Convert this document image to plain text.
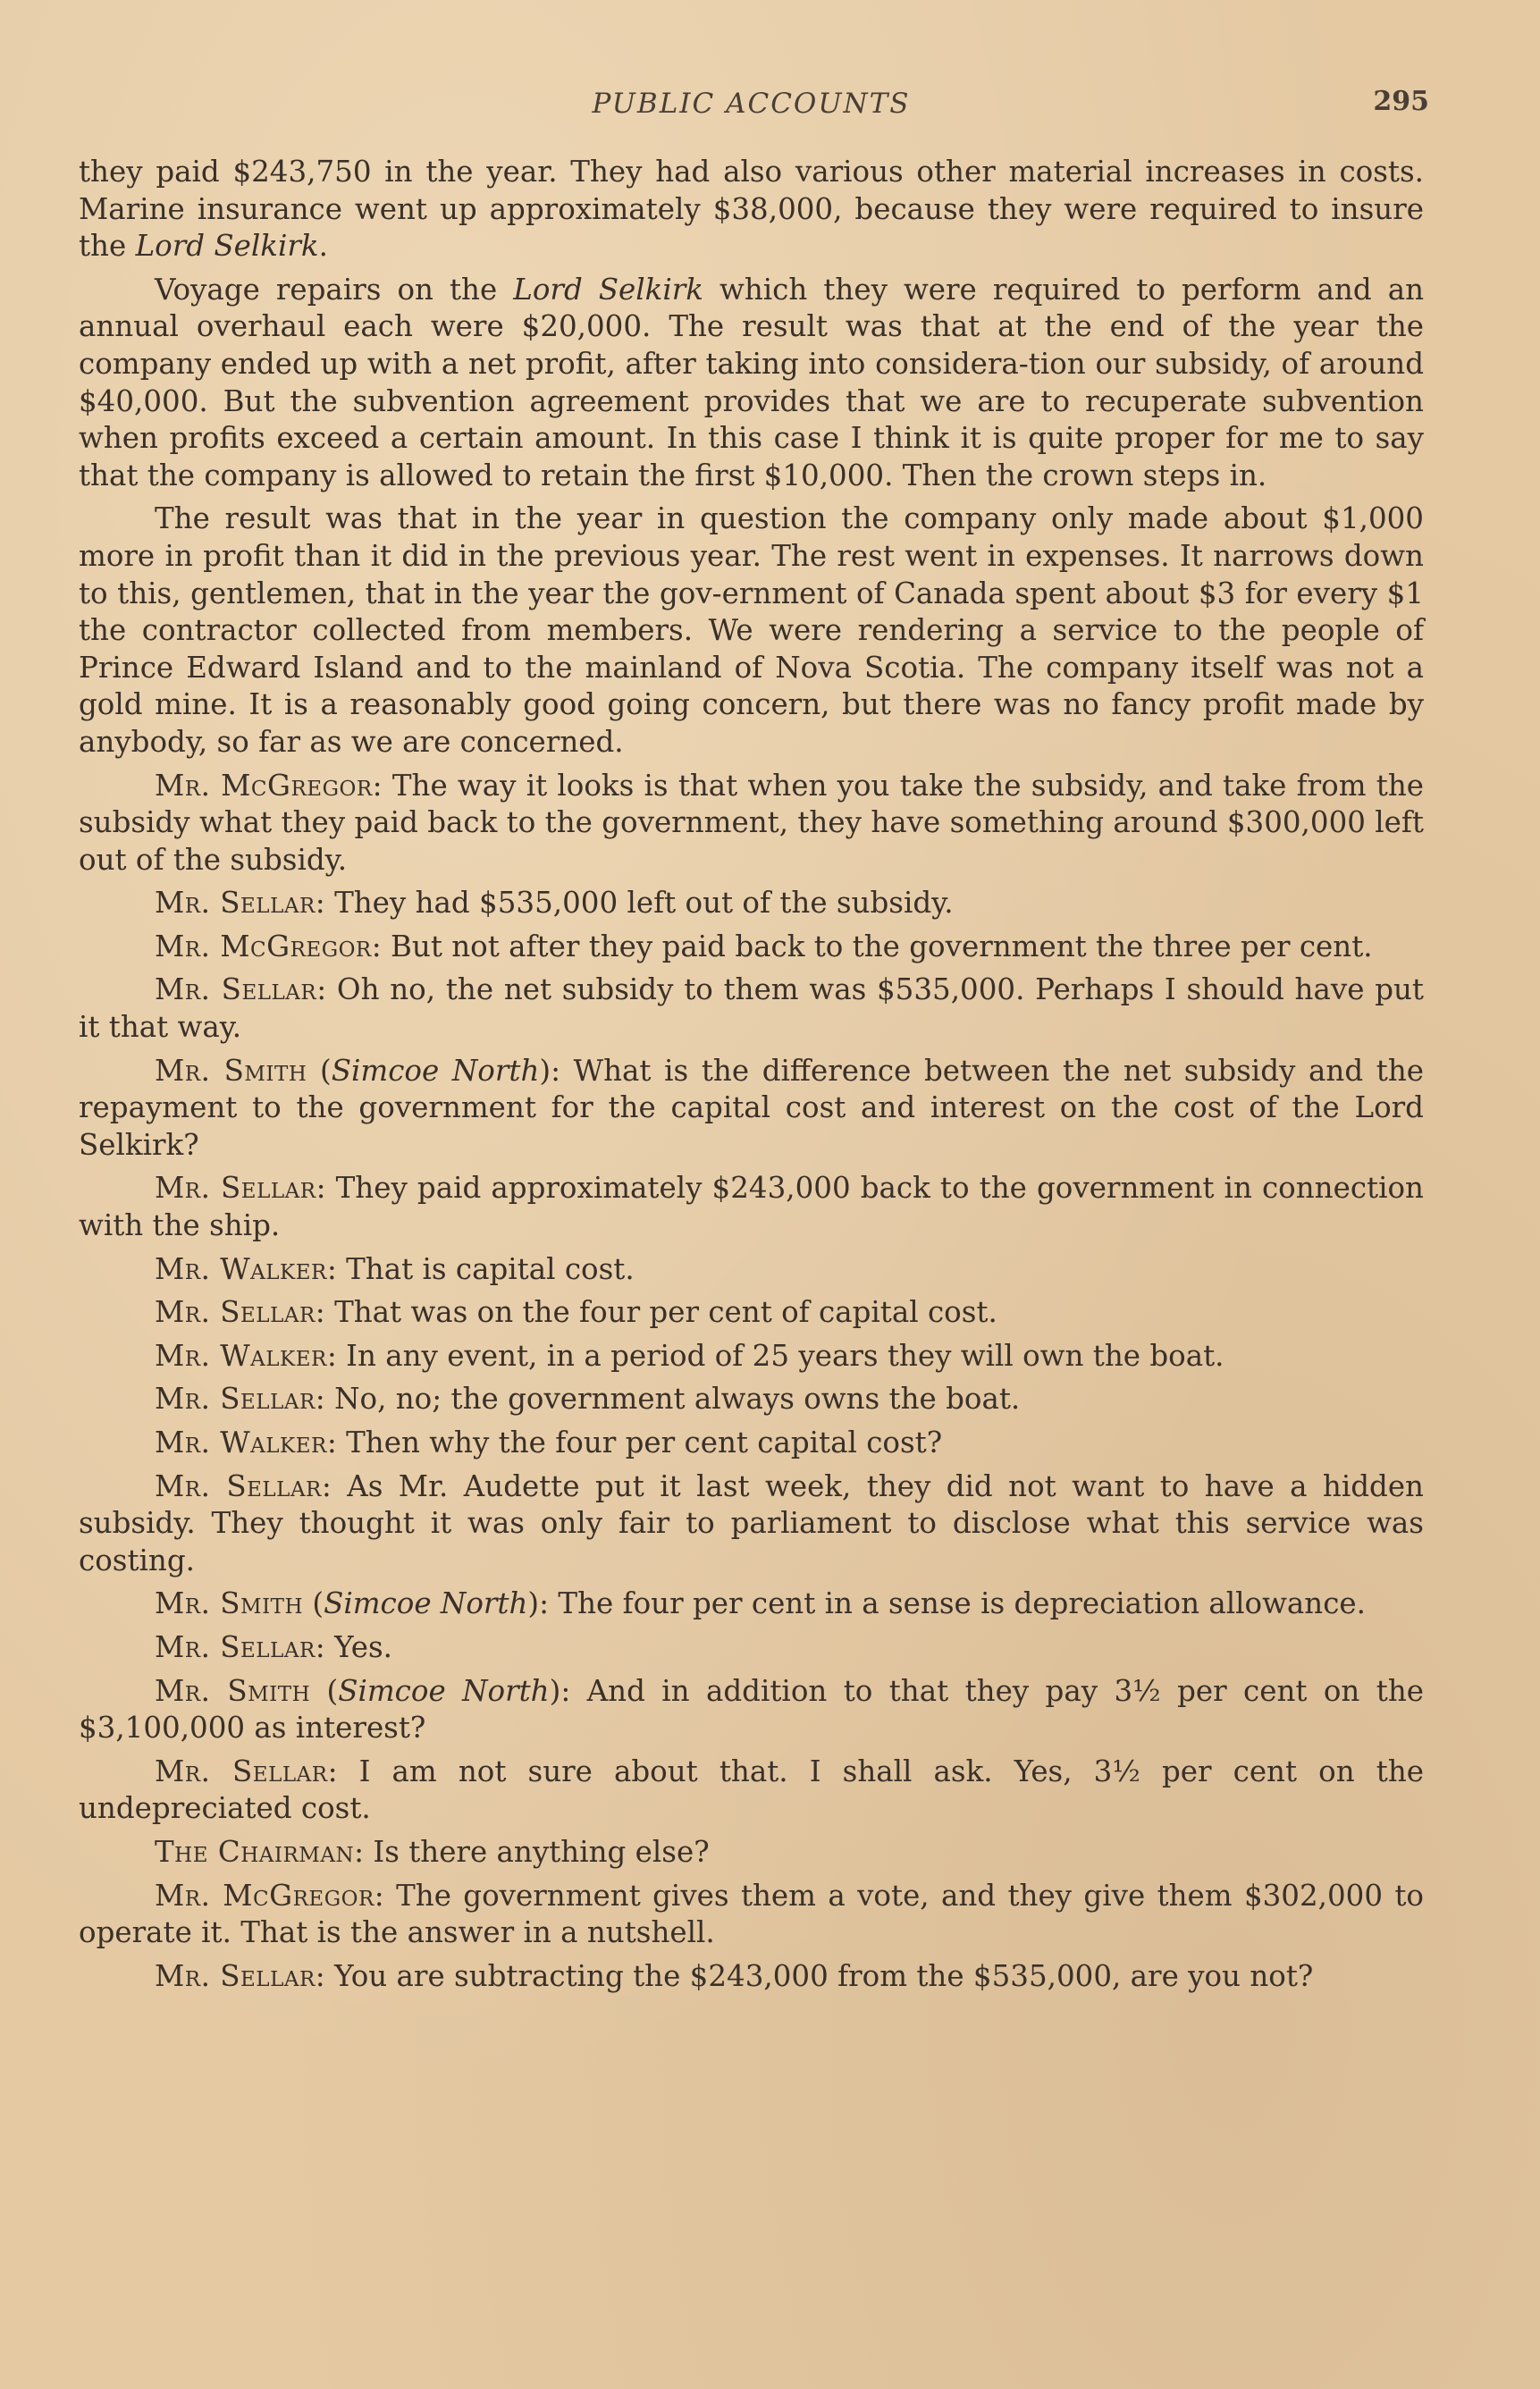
PUBLIC ACCOUNTS	295

they paid $243,750 in the year. They had also various other material increases in costs. Marine insurance went up approximately $38,000, because they were required to insure the Lord Selkirk.

Voyage repairs on the Lord Selkirk which they were required to perform and an annual overhaul each were $20,000. The result was that at the end of the year the company ended up with a net profit, after taking into considera-tion our subsidy, of around $40,000. But the subvention agreement provides that we are to recuperate subvention when profits exceed a certain amount. In this case I think it is quite proper for me to say that the company is allowed to retain the first $10,000. Then the crown steps in.

The result was that in the year in question the company only made about $1,000 more in profit than it did in the previous year. The rest went in expenses. It narrows down to this, gentlemen, that in the year the gov-ernment of Canada spent about $3 for every $1 the contractor collected from members. We were rendering a service to the people of Prince Edward Island and to the mainland of Nova Scotia. The company itself was not a gold mine. It is a reasonably good going concern, but there was no fancy profit made by anybody, so far as we are concerned.

Mr. McGregor: The way it looks is that when you take the subsidy, and take from the subsidy what they paid back to the government, they have something around $300,000 left out of the subsidy.

Mr. Sellar: They had $535,000 left out of the subsidy.

Mr. McGregor: But not after they paid back to the government the three per cent.

Mr. Sellar: Oh no, the net subsidy to them was $535,000. Perhaps I should have put it that way.

Mr. Smith (Simcoe North): What is the difference between the net subsidy and the repayment to the government for the capital cost and interest on the cost of the Lord Selkirk?

Mr. Sellar: They paid approximately $243,000 back to the government in connection with the ship.

Mr. Walker: That is capital cost.

Mr. Sellar: That was on the four per cent of capital cost.

Mr. Walker: In any event, in a period of 25 years they will own the boat.

Mr. Sellar: No, no; the government always owns the boat.

Mr. Walker: Then why the four per cent capital cost?

Mr. Sellar: As Mr. Audette put it last week, they did not want to have a hidden subsidy. They thought it was only fair to parliament to disclose what this service was costing.

Mr. Smith (Simcoe North): The four per cent in a sense is depreciation allowance.

Mr. Sellar: Yes.

Mr. Smith (Simcoe North): And in addition to that they pay 3½ per cent on the $3,100,000 as interest?

Mr. Sellar: I am not sure about that. I shall ask. Yes, 3½ per cent on the undepreciated cost.

The Chairman: Is there anything else?

Mr. McGregor: The government gives them a vote, and they give them $302,000 to operate it. That is the answer in a nutshell.

Mr. Sellar: You are subtracting the $243,000 from the $535,000, are you not?
